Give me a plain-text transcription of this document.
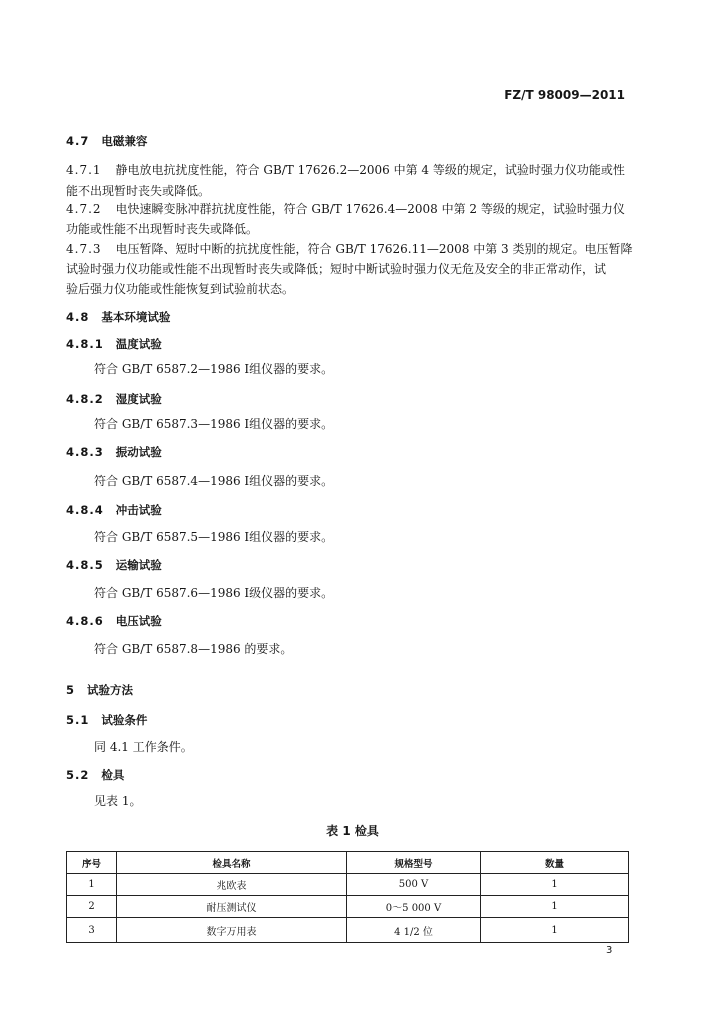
FZ/T 98009—2011
4.7 电磁兼容
4.7.1 静电放电抗扰度性能，符合 GB/T 17626.2—2006 中第 4 等级的规定，试验时强力仪功能或性
能不出现暂时丧失或降低。
4.7.2 电快速瞬变脉冲群抗扰度性能，符合 GB/T 17626.4—2008 中第 2 等级的规定，试验时强力仪
功能或性能不出现暂时丧失或降低。
4.7.3 电压暂降、短时中断的抗扰度性能，符合 GB/T 17626.11—2008 中第 3 类别的规定。电压暂降
试验时强力仪功能或性能不出现暂时丧失或降低；短时中断试验时强力仪无危及安全的非正常动作，试
验后强力仪功能或性能恢复到试验前状态。
4.8 基本环境试验
4.8.1 温度试验
符合 GB/T 6587.2—1986 Ⅰ组仪器的要求。
4.8.2 湿度试验
符合 GB/T 6587.3—1986 Ⅰ组仪器的要求。
4.8.3 振动试验
符合 GB/T 6587.4—1986 Ⅰ组仪器的要求。
4.8.4 冲击试验
符合 GB/T 6587.5—1986 Ⅰ组仪器的要求。
4.8.5 运输试验
符合 GB/T 6587.6—1986 Ⅰ级仪器的要求。
4.8.6 电压试验
符合 GB/T 6587.8—1986 的要求。
5 试验方法
5.1 试验条件
同 4.1 工作条件。
5.2 检具
见表 1。
表 1 检具
序号	检具名称	规格型号	数量
1	兆欧表	500 V	1
2	耐压测试仪	0～5 000 V	1
3	数字万用表	4 1/2 位	1
3
